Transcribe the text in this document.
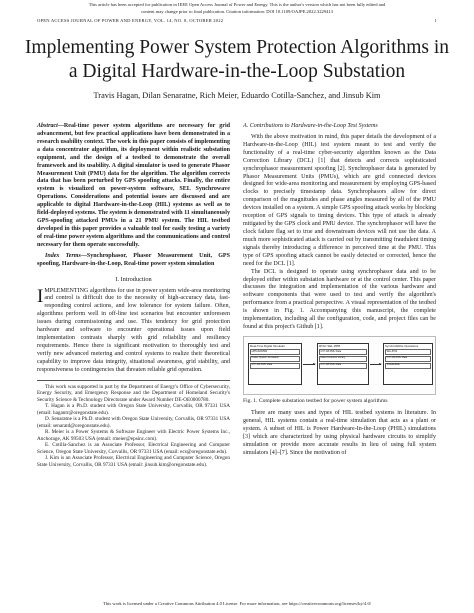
This article has been accepted for publication in IEEE Open Access Journal of Power and Energy. This is the author's version which has not been fully edited and
content may change prior to final publication. Citation information: DOI 10.1109/OAJPE.2022.3229413
OPEN ACCESS JOURNAL OF POWER AND ENERGY, VOL. 14, NO. 8, OCTOBER 2022	1
Implementing Power System Protection Algorithms in a Digital Hardware-in-the-Loop Substation
Travis Hagan, Dilan Senaratne, Rich Meier, Eduardo Cotilla-Sanchez, and Jinsub Kim

Abstract—Real-time power system algorithms are necessary for grid advancement, but few practical applications have been demonstrated in a research usability context. The work in this paper consists of implementing a data concentrator algorithm, its deployment within realistic substation equipment, and the design of a testbed to demonstrate the overall framework and its usability. A digital simulator is used to generate Phasor Measurement Unit (PMU) data for the algorithm. The algorithm corrects data that has been perturbed by GPS spoofing attacks. Finally, the entire system is visualized on power-system software, SEL Synchrowave Operations. Considerations and potential issues are discussed and are applicable to digital Hardware-in-the-Loop (HIL) systems as well as to field-deployed systems. The system is demonstrated with 11 simultaneously GPS-spoofing attacked PMUs in a 21 PMU system. The HIL testbed developed in this paper provides a valuable tool for easily testing a variety of real-time power system algorithms and the communications and control necessary for them operate successfully.

Index Terms—Synchrophasor, Phasor Measurement Unit, GPS spoofing, Hardware-in-the-Loop, Real-time power system simulation

I. Introduction

IMPLEMENTING algorithms for use in power system wide-area monitoring and control is difficult due to the necessity of high-accuracy data, fast-responding control actions, and low tolerance for system failure. Often, algorithms perform well in off-line test scenarios but encounter unforeseen issues during commissioning and use. This tendency for grid protection hardware and software to encounter operational issues upon field implementation contrasts sharply with grid reliability and resiliency requirements. Hence there is significant motivation to thoroughly test and verify new advanced metering and control systems to realize their theoretical capability to improve data integrity, situational awareness, grid stability, and responsiveness to contingencies that threaten reliable grid operation.

This work was supported in part by the Department of Energy's Office of Cybersecurity, Energy Security, and Emergency Response and the Department of Homeland Security's Security Science & Technology Directorate under Award Number DE-OE0000780.

T. Hagan is a Ph.D. student with Oregon State University, Corvallis, OR 97331 USA (email: hagantr@oregonstate.edu).

D. Senaratne is a Ph.D. student with Oregon State University, Corvallis, OR 97331 USA (email: senaratd@oregonstate.edu).

R. Meier is a Power Systems & Software Engineer with Electric Power Systems Inc., Anchorage, AK 99503 USA (email: rmeier@epsinc.com).

E. Cotilla-Sanchez is an Associate Professor, Electrical Engineering and Computer Science, Oregon State University, Corvallis, OR 97331 USA (email: ecs@oregonstate.edu).

J. Kim is an Associate Professor, Electrical Engineering and Computer Science, Oregon State University, Corvallis, OR 97331 USA (email: jinsub.kim@oregonstate.edu).

A. Contributions to Hardware-in-the-Loop Test Systems

With the above motivation in mind, this paper details the development of a Hardware-in-the-Loop (HIL) test system meant to test and verify the functionality of a real-time cyber-security algorithm known as the Data Correction Library (DCL) [1] that detects and corrects sophisticated synchrophasor measurement spoofing [2]. Synchrophasor data is generated by Phasor Measurement Units (PMUs), which are grid connected devices designed for wide-area monitoring and measurement by employing GPS-based clocks to precisely timestamp data. Synchrophasors allow for direct comparison of the magnitudes and phase angles measured by all of the PMU devices installed on a system. A simple GPS spoofing attack works by blocking reception of GPS signals to timing devices. This type of attack is already mitigated by the GPS clock and PMU device. The synchrophasor will have the clock failure flag set to true and downstream devices will not use the data. A much more sophisticated attack is carried out by transmitting fraudulent timing signals thereby introducing a difference in perceived time at the PMU. This type of GPS spoofing attack cannot be easily detected or corrected, hence the need for the DCL [1].

The DCL is designed to operate using synchrophasor data and to be deployed either within substation hardware or at the control center. This paper discusses the integration and implementation of the various hardware and software components that were used to test and verify the algorithm's performance from a practical perspective. A visual representation of the testbed is shown in Fig. 1. Accompanying this manuscript, the complete implementation, including all the configuration, code, and project files can be found at this project's Github [1].

Real-Time Digital Simulator
ePHASORSIM
Power System Simulation
C37.118 PMU Data
RTAC SEL-3555
C37.118 PMU Data
Data Correction Library
C37.118 PMU Data
SynchroWAVe Operations
SEL-5702
C37.118 PMU Data
Visualization
Fig. 1. Complete substation testbed for power system algorithms

There are many uses and types of HIL testbed systems in literature. In general, HIL systems contain a real-time simulation that acts as a plant or system. A subset of HIL is Power Hardware-In-the-Loop (PHIL) simulations [3] which are characterized by using physical hardware circuits to simplify simulation or provide more accurate results in lieu of using full system simulators [4]–[7]. Since the motivation of

This work is licensed under a Creative Commons Attribution 4.0 License. For more information, see https://creativecommons.org/licenses/by/4.0/
